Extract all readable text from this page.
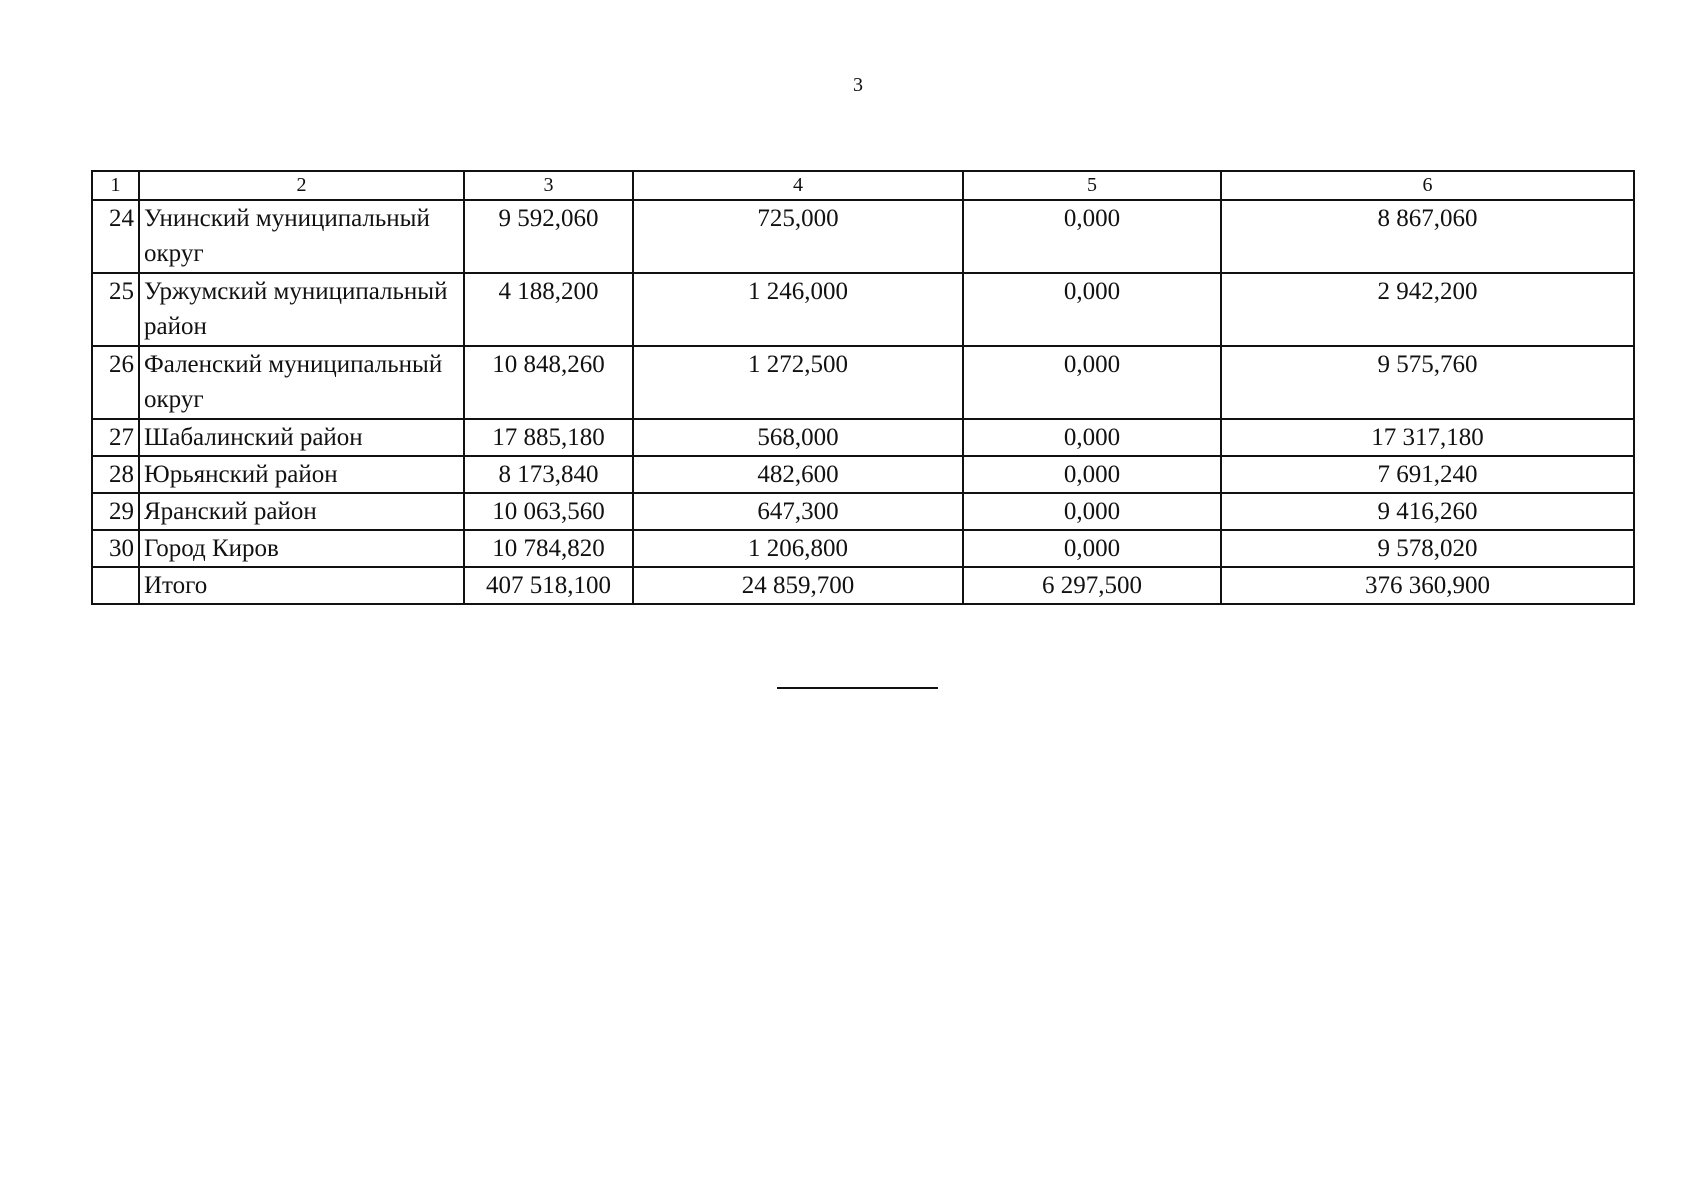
3
1	2	3	4	5	6
24	Унинский муниципальный округ	9 592,060	725,000	0,000	8 867,060
25	Уржумский муниципальный район	4 188,200	1 246,000	0,000	2 942,200
26	Фаленский муниципальный округ	10 848,260	1 272,500	0,000	9 575,760
27	Шабалинский район	17 885,180	568,000	0,000	17 317,180
28	Юрьянский район	8 173,840	482,600	0,000	7 691,240
29	Яранский район	10 063,560	647,300	0,000	9 416,260
30	Город Киров	10 784,820	1 206,800	0,000	9 578,020
	Итого	407 518,100	24 859,700	6 297,500	376 360,900
